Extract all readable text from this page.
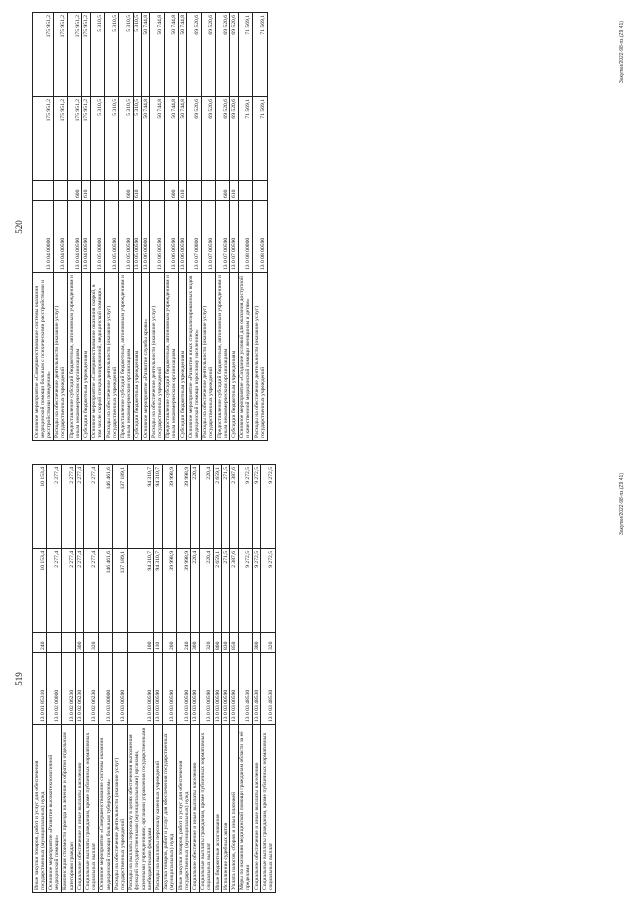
519
Иные закупки товаров, работ и услуг для обеспечения государственных (муниципальных) нужд	13 0 01 85310	240	10 153,4	10 153,4
Основное мероприятие «Развитие высокотехнологичной медицинской помощи»	13 0 02 00000		2 277,4	2 277,4
Компенсация стоимости проезда на лечение и обратно отдельным категориям граждан	13 0 02 06230		2 277,4	2 277,4
Социальное обеспечение и иные выплаты населению	13 0 02 06230	300	2 277,4	2 277,4
Социальные выплаты гражданам, кроме публичных нормативных социальных выплат	13 0 02 06230	320	2 277,4	2 277,4
Основное мероприятие «Совершенствование системы оказания медицинской помощи больным туберкулезом»	13 0 03 00000		146 461,6	146 461,6
Расходы на обеспечение деятельности (оказание услуг) государственных учреждений	13 0 03 00590		137 189,1	137 189,1
Расходы на выплаты персоналу в целях обеспечения выполнения функций государственными (муниципальными) органами, казенными учреждениями, органами управления государственными внебюджетными фондами	13 0 03 00590	100	94 310,7	94 310,7
Расходы на выплаты персоналу казенных учреждений	13 0 03 00590	110	94 310,7	94 310,7
Закупка товаров, работ и услуг для обеспечения государственных (муниципальных) нужд	13 0 03 00590	200	39 998,9	39 998,9
Иные закупки товаров, работ и услуг для обеспечения государственных (муниципальных) нужд	13 0 03 00590	240	39 998,9	39 998,9
Социальное обеспечение и иные выплаты населению	13 0 03 00590	300	220,4	220,4
Социальные выплаты гражданам, кроме публичных нормативных социальных выплат	13 0 03 00590	320	220,4	220,4
Иные бюджетные ассигнования	13 0 03 00590	800	2 659,1	2 659,1
Исполнение судебных актов	13 0 03 00590	830	271,5	271,5
Уплата налогов, сборов и иных платежей	13 0 03 00590	850	2 387,6	2 387,6
Меры по оказанию медицинской помощи гражданам области за её пределами	13 0 03 48530		9 272,5	9 272,5
Социальное обеспечение и иные выплаты населению	13 0 03 48530	300	9 272,5	9 272,5
Социальные выплаты гражданам, кроме публичных нормативных социальных выплат	13 0 03 48530	320	9 272,5	9 272,5	Закупки/2022-98-пз.(Z9 41)
520
Основное мероприятие «Совершенствование системы оказания медицинской помощи больным с психическими расстройствами и расстройствами поведения»	13 0 04 00000		175 951,2	175 951,2
Расходы на обеспечение деятельности (оказание услуг) государственных учреждений	13 0 04 00590		175 951,2	175 951,2
Предоставление субсидий бюджетным, автономным учреждениям и иным некоммерческим организациям	13 0 04 00590	600	175 951,2	175 951,2
Субсидии бюджетным учреждениям	13 0 04 00590	610	175 951,2	175 951,2
Основное мероприятие «Совершенствование оказания скорой, в том числе скорой специализированной, медицинской помощи»	13 0 05 00000		5 310,5	5 310,5
Расходы на обеспечение деятельности (оказание услуг) государственных учреждений	13 0 05 00590		5 310,5	5 310,5
Предоставление субсидий бюджетным, автономным учреждениям и иным некоммерческим организациям	13 0 05 00590	600	5 310,5	5 310,5
Субсидии бюджетным учреждениям	13 0 05 00590	610	5 310,5	5 310,5
Основное мероприятие «Развитие службы крови»	13 0 06 00000		50 744,8	50 744,8
Расходы на обеспечение деятельности (оказание услуг) государственных учреждений	13 0 06 00590		50 744,8	50 744,8
Предоставление субсидий бюджетным, автономным учреждениям и иным некоммерческим организациям	13 0 06 00590	600	50 744,8	50 744,8
Субсидии бюджетным учреждениям	13 0 06 00590	610	50 744,8	50 744,8
Основное мероприятие «Развитие иных специализированных видов медицинской помощи взрослому населению»	13 0 07 00000		69 520,6	69 520,6
Расходы на обеспечение деятельности (оказание услуг) государственных учреждений	13 0 07 00590		69 520,6	69 520,6
Предоставление субсидий бюджетным, автономным учреждениям и иным некоммерческим организациям	13 0 07 00590	600	69 520,6	69 520,6
Субсидии бюджетным учреждениям	13 0 07 00590	610	69 520,6	69 520,6
Основное мероприятие «Создание условий для оказания доступной и качественной медицинской помощи женщинам и детям»	13 0 08 00000		71 569,1	71 569,1
Расходы на обеспечение деятельности (оказание услуг) государственных учреждений	13 0 08 00590		71 569,1	71 569,1	Закупки/2022-98-пз.(Z9 41)
